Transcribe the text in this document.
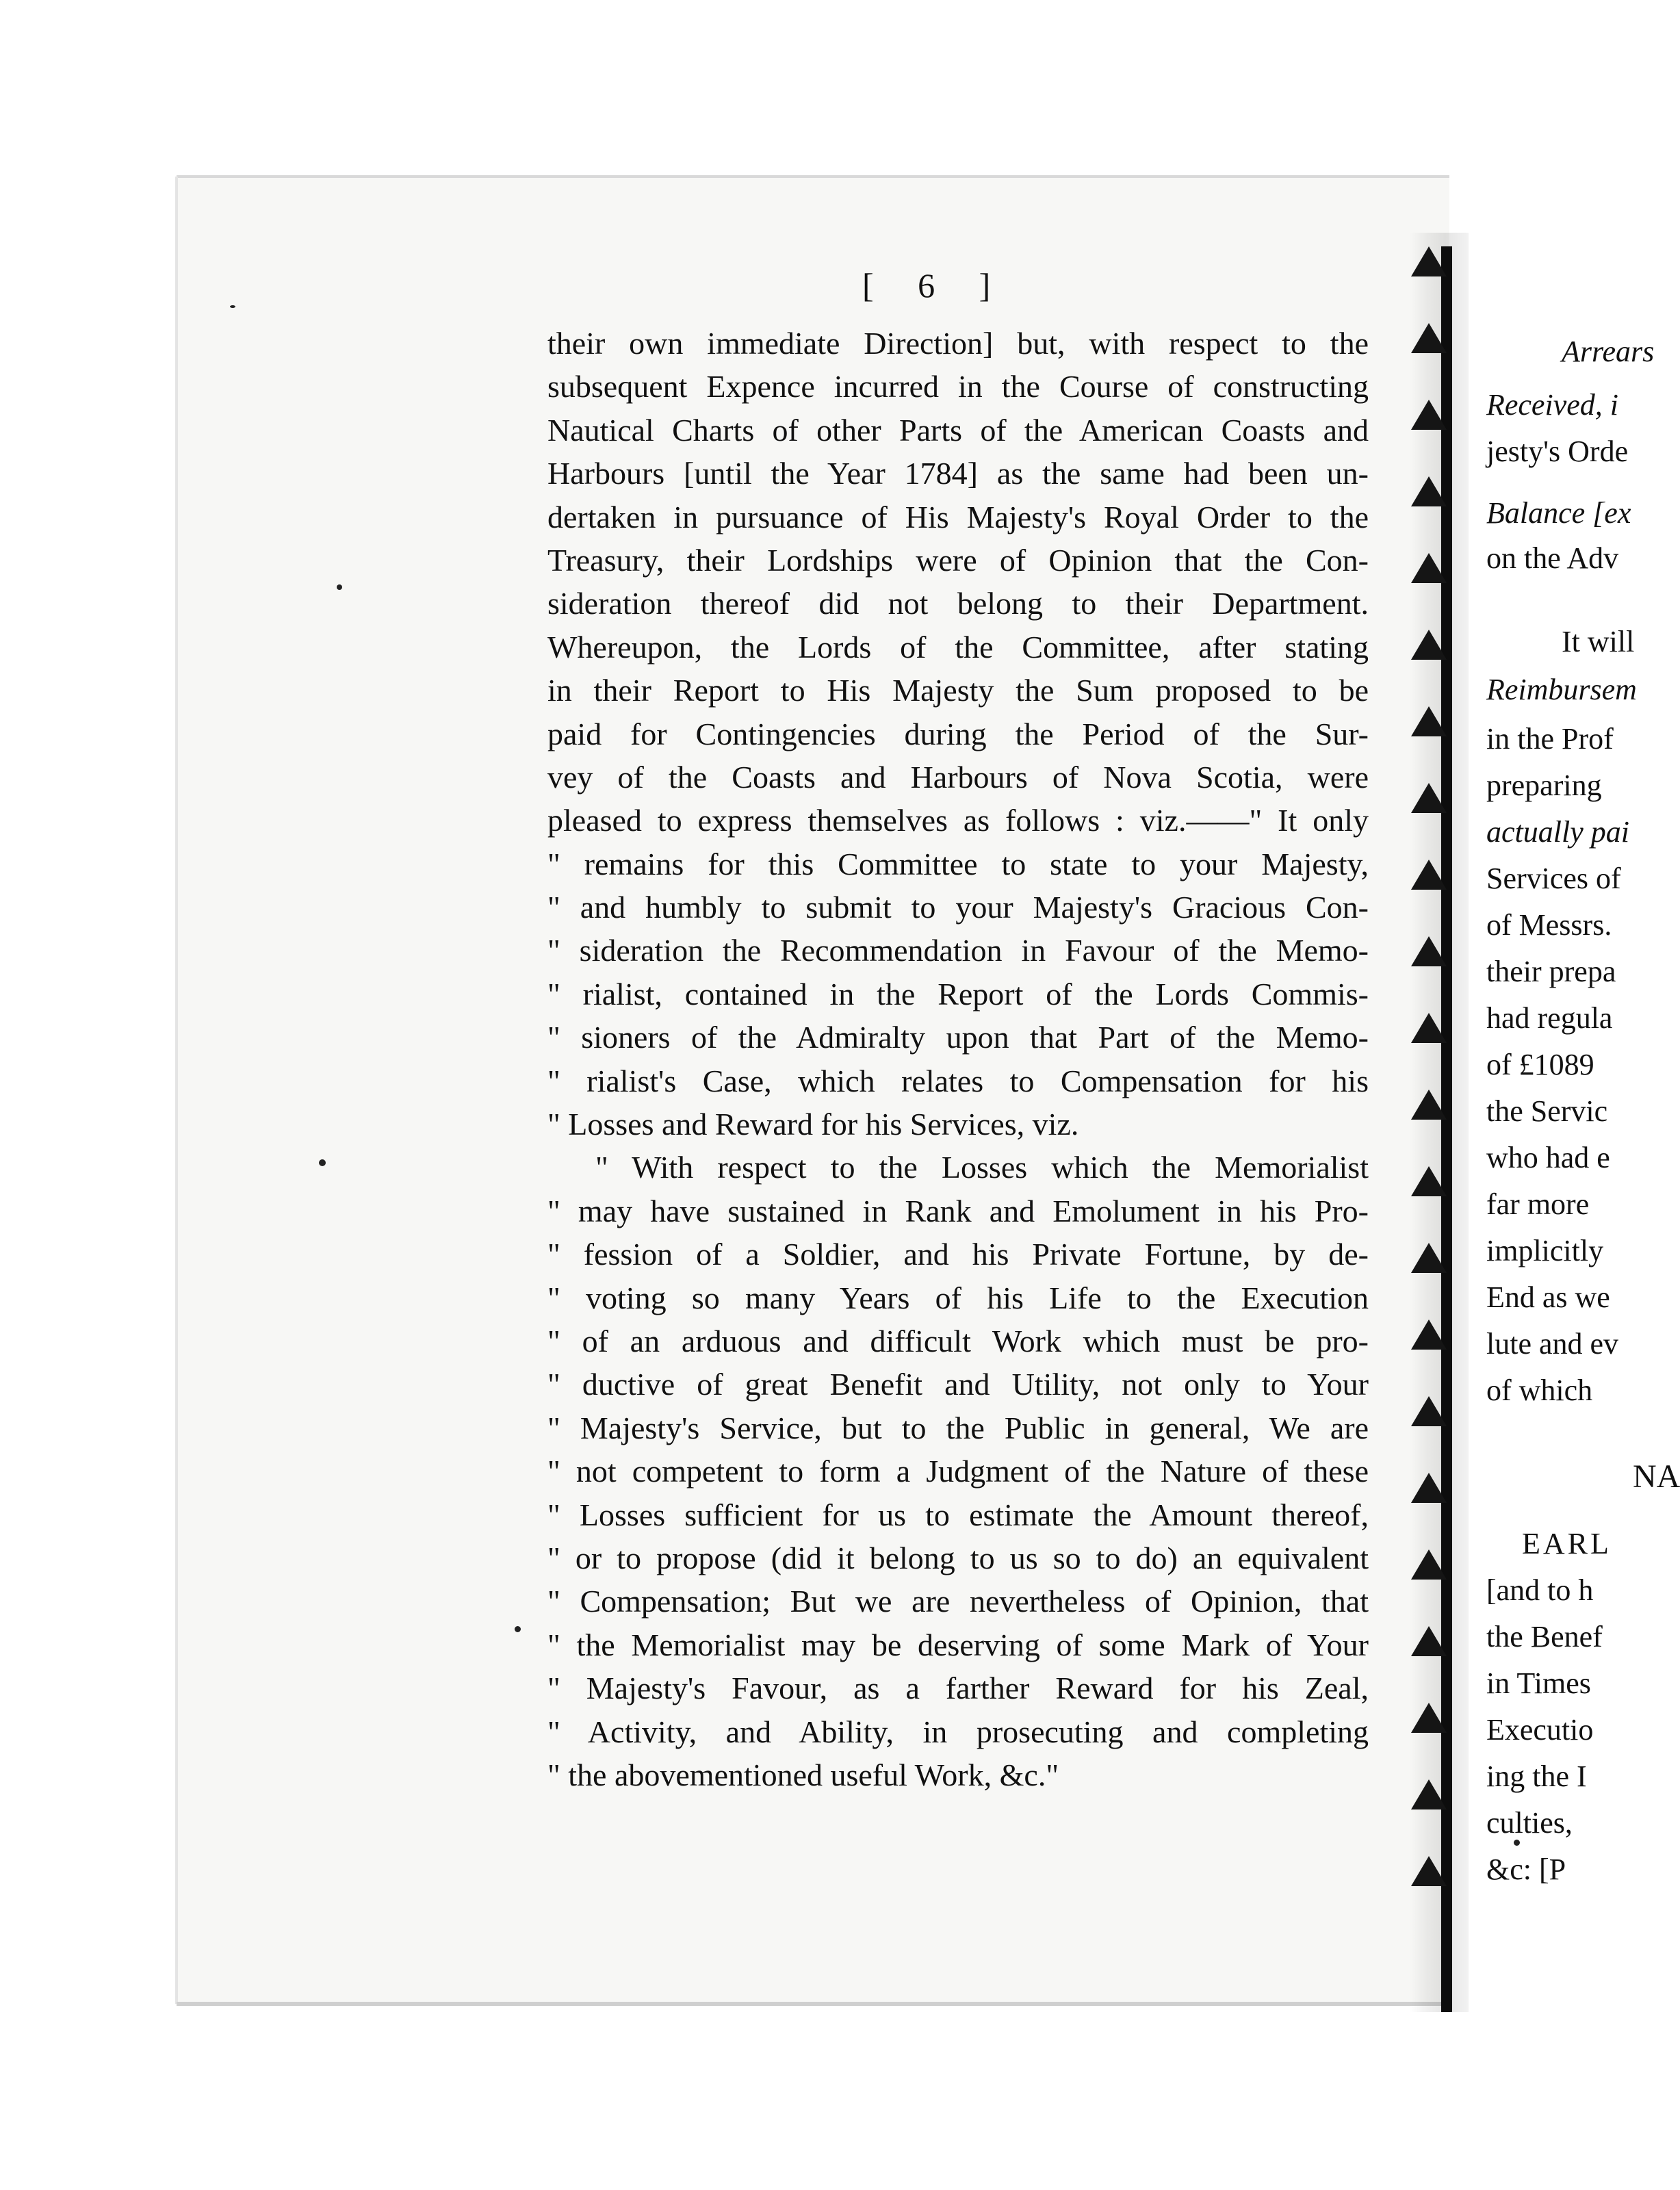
[ 6 ]
their own immediate Direction] but, with respect to the
subsequent Expence incurred in the Course of constructing
Nautical Charts of other Parts of the American Coasts and
Harbours [until the Year 1784] as the same had been un-
dertaken in pursuance of His Majesty's Royal Order to the
Treasury, their Lordships were of Opinion that the Con-
sideration thereof did not belong to their Department.
Whereupon, the Lords of the Committee, after stating
in their Report to His Majesty the Sum proposed to be
paid for Contingencies during the Period of the Sur-
vey of the Coasts and Harbours of Nova Scotia, were
pleased to express themselves as follows : viz.——" It only
" remains for this Committee to state to your Majesty,
" and humbly to submit to your Majesty's Gracious Con-
" sideration the Recommendation in Favour of the Memo-
" rialist, contained in the Report of the Lords Commis-
" sioners of the Admiralty upon that Part of the Memo-
" rialist's Case, which relates to Compensation for his
" Losses and Reward for his Services, viz.
" With respect to the Losses which the Memorialist
" may have sustained in Rank and Emolument in his Pro-
" fession of a Soldier, and his Private Fortune, by de-
" voting so many Years of his Life to the Execution
" of an arduous and difficult Work which must be pro-
" ductive of great Benefit and Utility, not only to Your
" Majesty's Service, but to the Public in general, We are
" not competent to form a Judgment of the Nature of these
" Losses sufficient for us to estimate the Amount thereof,
" or to propose (did it belong to us so to do) an equivalent
" Compensation; But we are nevertheless of Opinion, that
" the Memorialist may be deserving of some Mark of Your
" Majesty's Favour, as a farther Reward for his Zeal,
" Activity, and Ability, in prosecuting and completing
" the abovementioned useful Work, &c."
Arrears
Received, i
jesty's Orde
Balance [ex
on the Adv
It will
Reimbursem
in the Prof
preparing
actually pai
Services of
of Messrs.
their prepa
had regula
of £1089
the Servic
who had e
far more
implicitly
End as we
lute and ev
of which
NA
EARL
[and to h
the Benef
in Times
Executio
ing the I
culties,
&c: [P
